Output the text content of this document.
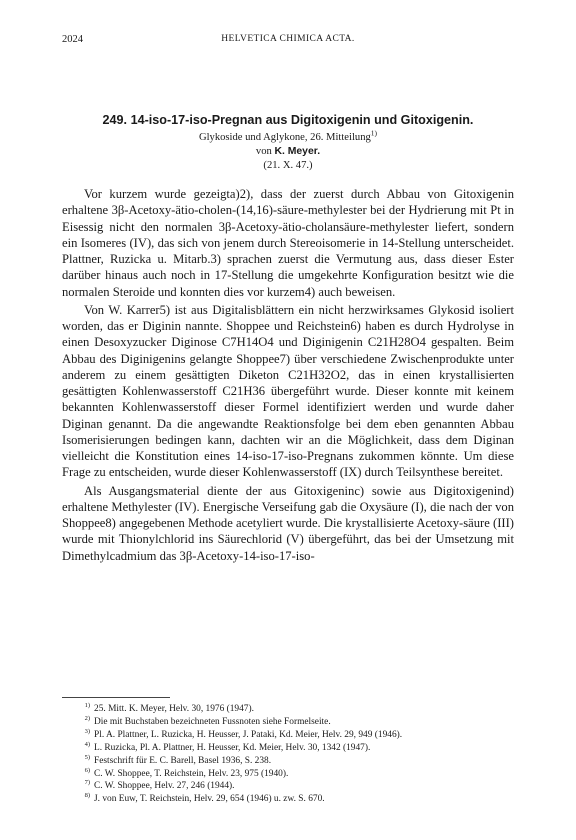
2024	HELVETICA CHIMICA ACTA.
249. 14-iso-17-iso-Pregnan aus Digitoxigenin und Gitoxigenin.
Glykoside und Aglykone, 26. Mitteilung$^{1)}$
von K. Meyer.
(21. X. 47.)

Vor kurzem wurde gezeigta)2), dass der zuerst durch Abbau von Gitoxigenin erhaltene 3β-Acetoxy-ätio-cholen-(14,16)-säure-methylester bei der Hydrierung mit Pt in Eisessig nicht den normalen 3β-Acetoxy-ätio-cholansäure-methylester liefert, sondern ein Isomeres (IV), das sich von jenem durch Stereoisomerie in 14-Stellung unterscheidet. Plattner, Ruzicka u. Mitarb.3) sprachen zuerst die Vermutung aus, dass dieser Ester darüber hinaus auch noch in 17-Stellung die umgekehrte Konfiguration besitzt wie die normalen Steroide und konnten dies vor kurzem4) auch beweisen.

Von W. Karrer5) ist aus Digitalisblättern ein nicht herzwirksames Glykosid isoliert worden, das er Diginin nannte. Shoppee und Reichstein6) haben es durch Hydrolyse in einen Desoxyzucker Diginose C7H14O4 und Diginigenin C21H28O4 gespalten. Beim Abbau des Diginigenins gelangte Shoppee7) über verschiedene Zwischenprodukte unter anderem zu einem gesättigten Diketon C21H32O2, das in einen krystallisierten gesättigten Kohlenwasserstoff C21H36 übergeführt wurde. Dieser konnte mit keinem bekannten Kohlenwasserstoff dieser Formel identifiziert werden und wurde daher Diginan genannt. Da die angewandte Reaktionsfolge bei dem eben genannten Abbau Isomerisierungen bedingen kann, dachten wir an die Möglichkeit, dass dem Diginan vielleicht die Konstitution eines 14-iso-17-iso-Pregnans zukommen könnte. Um diese Frage zu entscheiden, wurde dieser Kohlenwasserstoff (IX) durch Teilsynthese bereitet.

Als Ausgangsmaterial diente der aus Gitoxigeninc) sowie aus Digitoxigenind) erhaltene Methylester (IV). Energische Verseifung gab die Oxysäure (I), die nach der von Shoppee8) angegebenen Methode acetyliert wurde. Die krystallisierte Acetoxy-säure (III) wurde mit Thionylchlorid ins Säurechlorid (V) übergeführt, das bei der Umsetzung mit Dimethylcadmium das 3β-Acetoxy-14-iso-17-iso-

$^{1)}$ 25. Mitt. K. Meyer, Helv. 30, 1976 (1947).
$^{2)}$ Die mit Buchstaben bezeichneten Fussnoten siehe Formelseite.
$^{3)}$ Pl. A. Plattner, L. Ruzicka, H. Heusser, J. Pataki, Kd. Meier, Helv. 29, 949 (1946).
$^{4)}$ L. Ruzicka, Pl. A. Plattner, H. Heusser, Kd. Meier, Helv. 30, 1342 (1947).
$^{5)}$ Festschrift für E. C. Barell, Basel 1936, S. 238.
$^{6)}$ C. W. Shoppee, T. Reichstein, Helv. 23, 975 (1940).
$^{7)}$ C. W. Shoppee, Helv. 27, 246 (1944).
$^{8)}$ J. von Euw, T. Reichstein, Helv. 29, 654 (1946) u. zw. S. 670.
